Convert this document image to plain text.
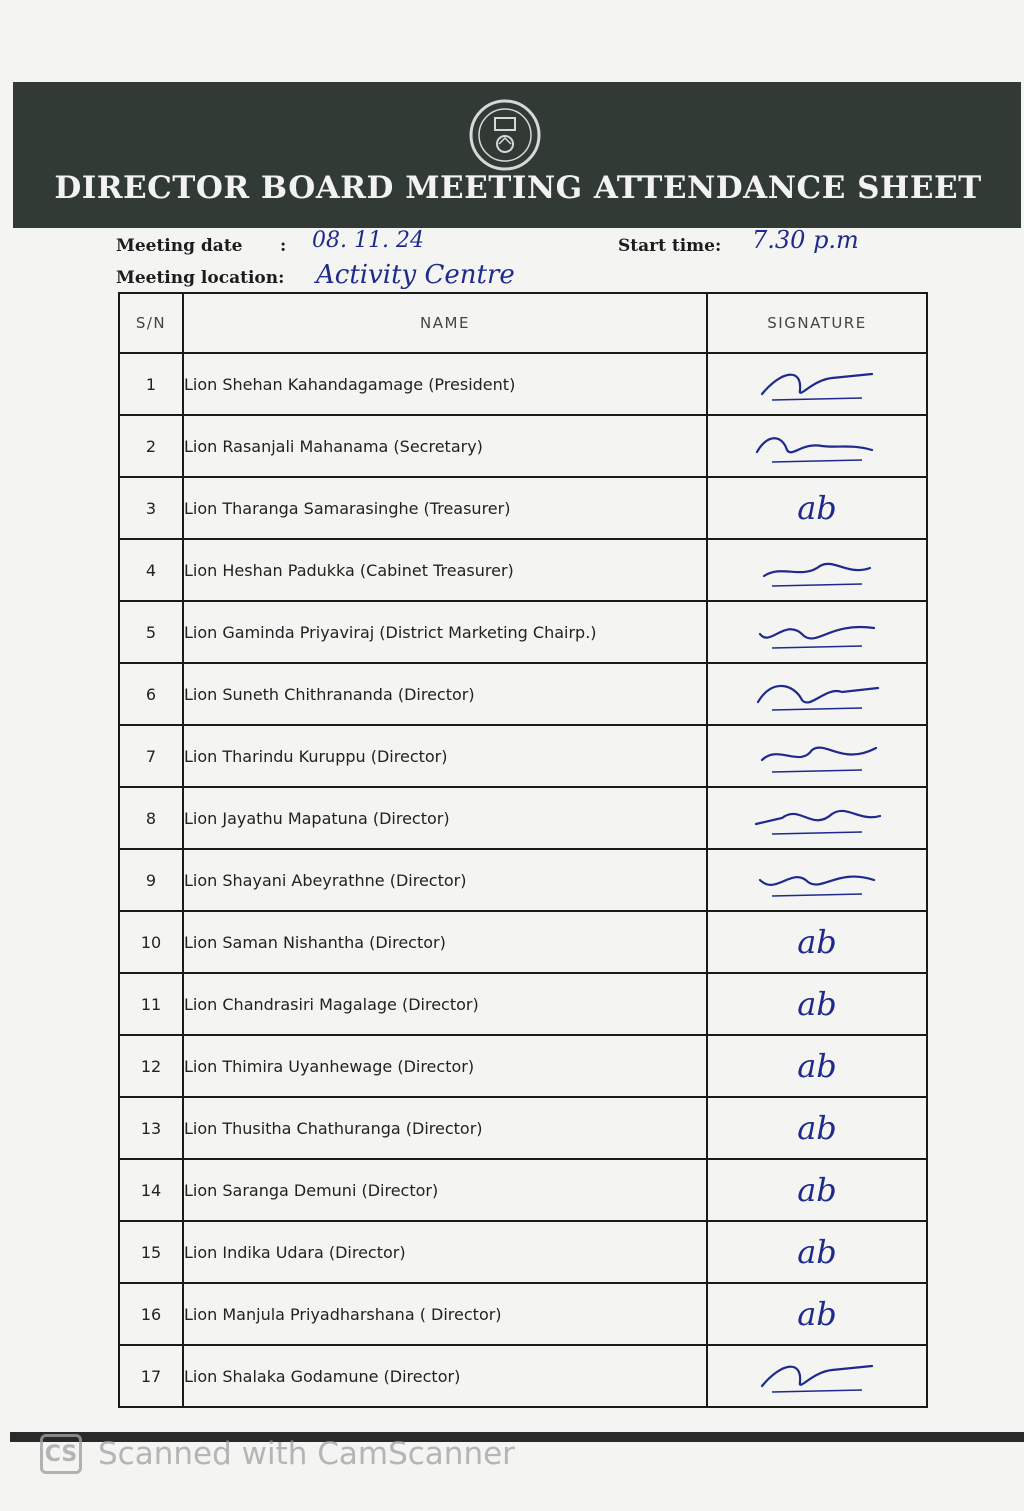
DIRECTOR BOARD MEETING ATTENDANCE SHEET
Meeting date : 08. 11. 24	Start time: 7.30 p.m
Meeting location: Activity Centre
S/N	NAME	SIGNATURE
1	Lion Shehan Kahandagamage (President)	

2	Lion Rasanjali Mahanama (Secretary)	

3	Lion Tharanga Samarasinghe (Treasurer)	ab
4	Lion Heshan Padukka (Cabinet Treasurer)	

5	Lion Gaminda Priyaviraj (District Marketing Chairp.)	

6	Lion Suneth Chithrananda (Director)	

7	Lion Tharindu Kuruppu (Director)	

8	Lion Jayathu Mapatuna (Director)	

9	Lion Shayani Abeyrathne (Director)	

10	Lion Saman Nishantha (Director)	ab
11	Lion Chandrasiri Magalage (Director)	ab
12	Lion Thimira Uyanhewage (Director)	ab
13	Lion Thusitha Chathuranga (Director)	ab
14	Lion Saranga Demuni (Director)	ab
15	Lion Indika Udara (Director)	ab
16	Lion Manjula Priyadharshana ( Director)	ab
17	Lion Shalaka Godamune (Director)	
CS Scanned with CamScanner
